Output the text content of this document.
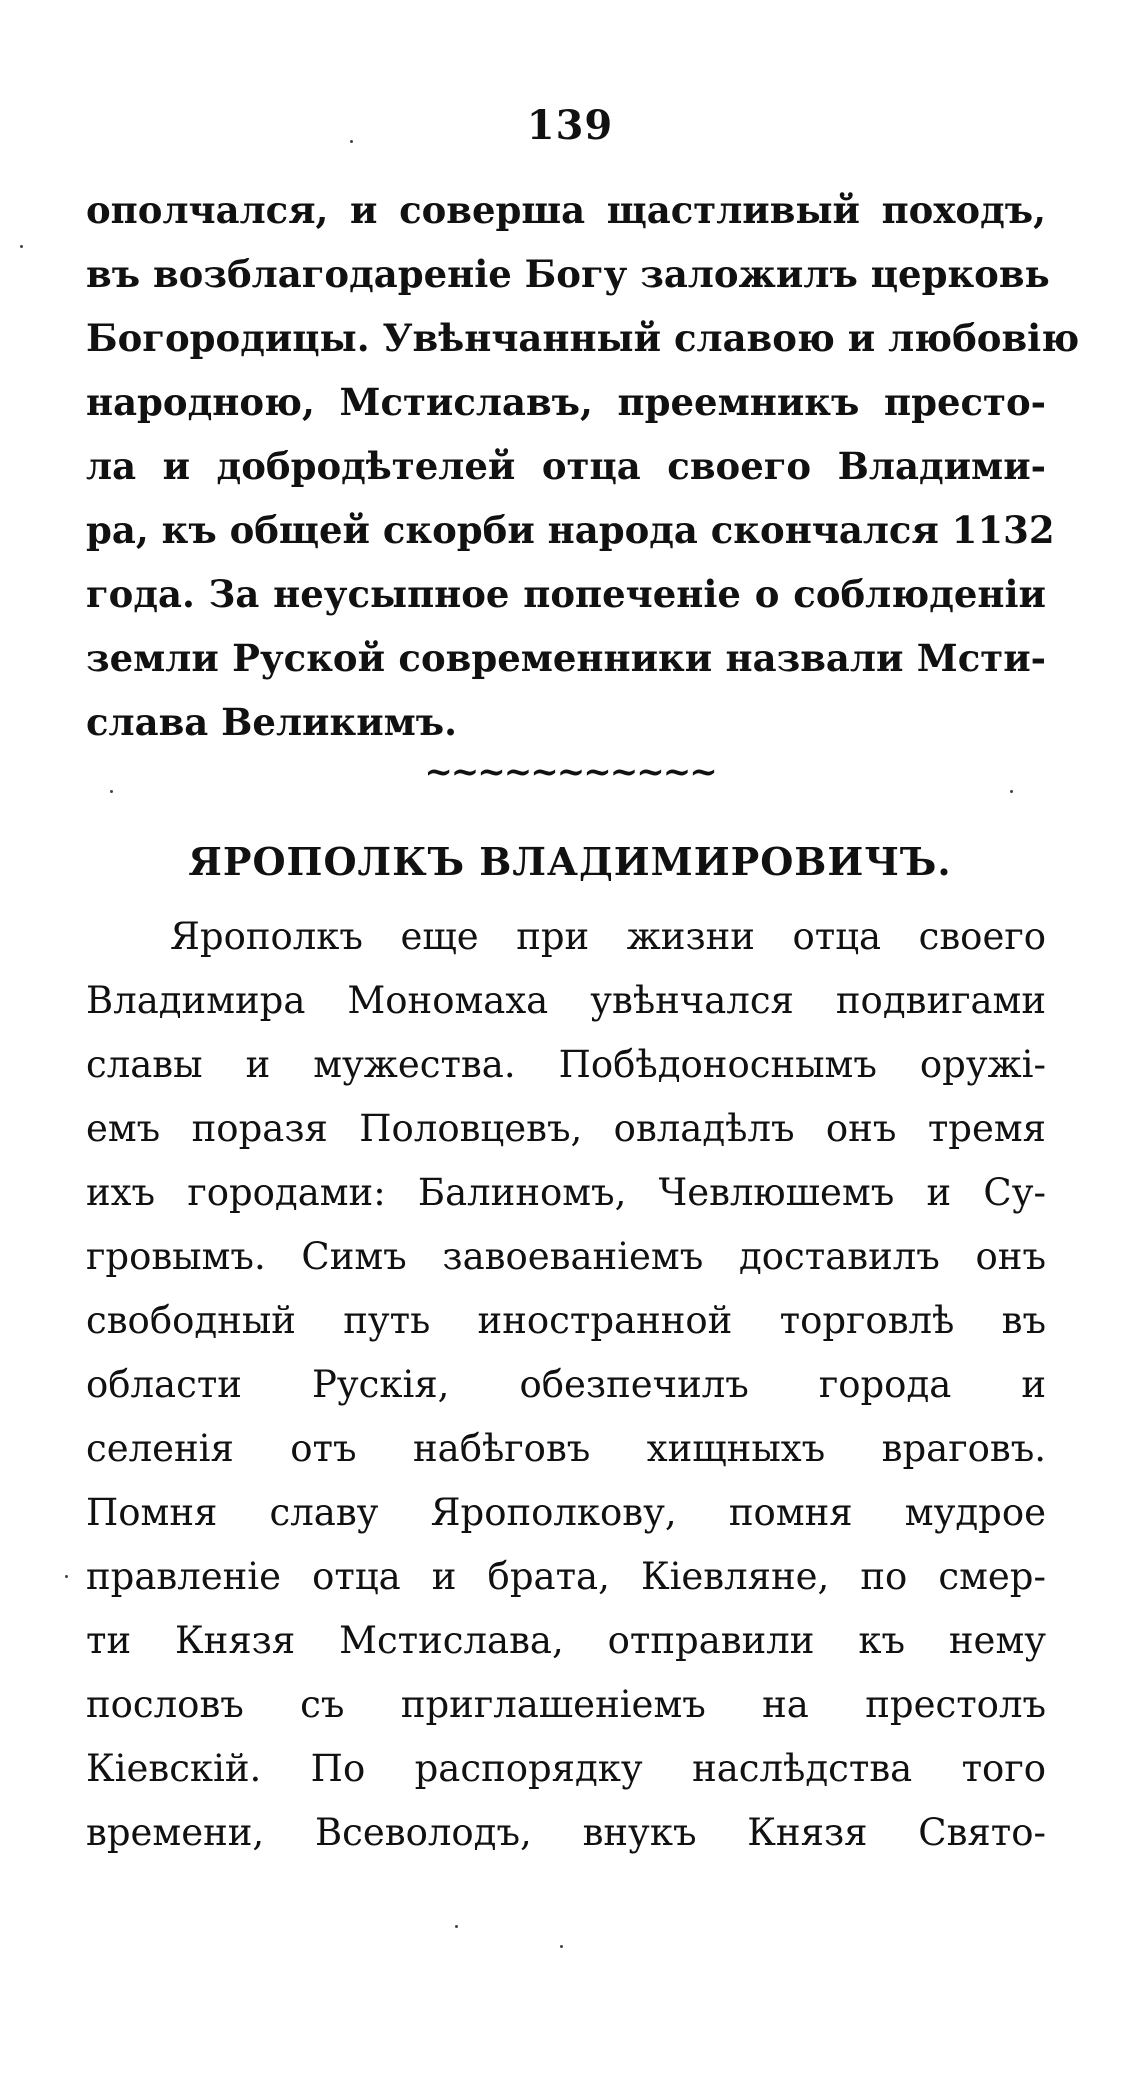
139
ополчался, и соверша щастливый походъ,
въ возблагодареніе Богу заложилъ церковь
Богородицы. Увѣнчанный славою и любовію
народною, Мстиславъ, преемникъ престо-
ла и добродѣтелей отца своего Владими-
ра, къ общей скорби народа скончался 1132
года. За неусыпное попеченіе о соблюденіи
земли Руской современники назвали Мсти-
слава Великимъ.
~~~~~~~~~~~
ЯРОПОЛКЪ ВЛАДИМИРОВИЧЪ.
Ярополкъ еще при жизни отца своего
Владимира Мономаха увѣнчался подвигами
славы и мужества. Побѣдоноснымъ оружі-
емъ поразя Половцевъ, овладѣлъ онъ тремя
ихъ городами: Балиномъ, Чевлюшемъ и Су-
гровымъ. Симъ завоеваніемъ доставилъ онъ
свободный путь иностранной торговлѣ въ
области Рускія, обезпечилъ города и
селенія отъ набѣговъ хищныхъ враговъ.
Помня славу Ярополкову, помня мудрое
правленіе отца и брата, Кіевляне, по смер-
ти Князя Мстислава, отправили къ нему
пословъ съ приглашеніемъ на престолъ
Кіевскій. По распорядку наслѣдства того
времени, Всеволодъ, внукъ Князя Свято-
